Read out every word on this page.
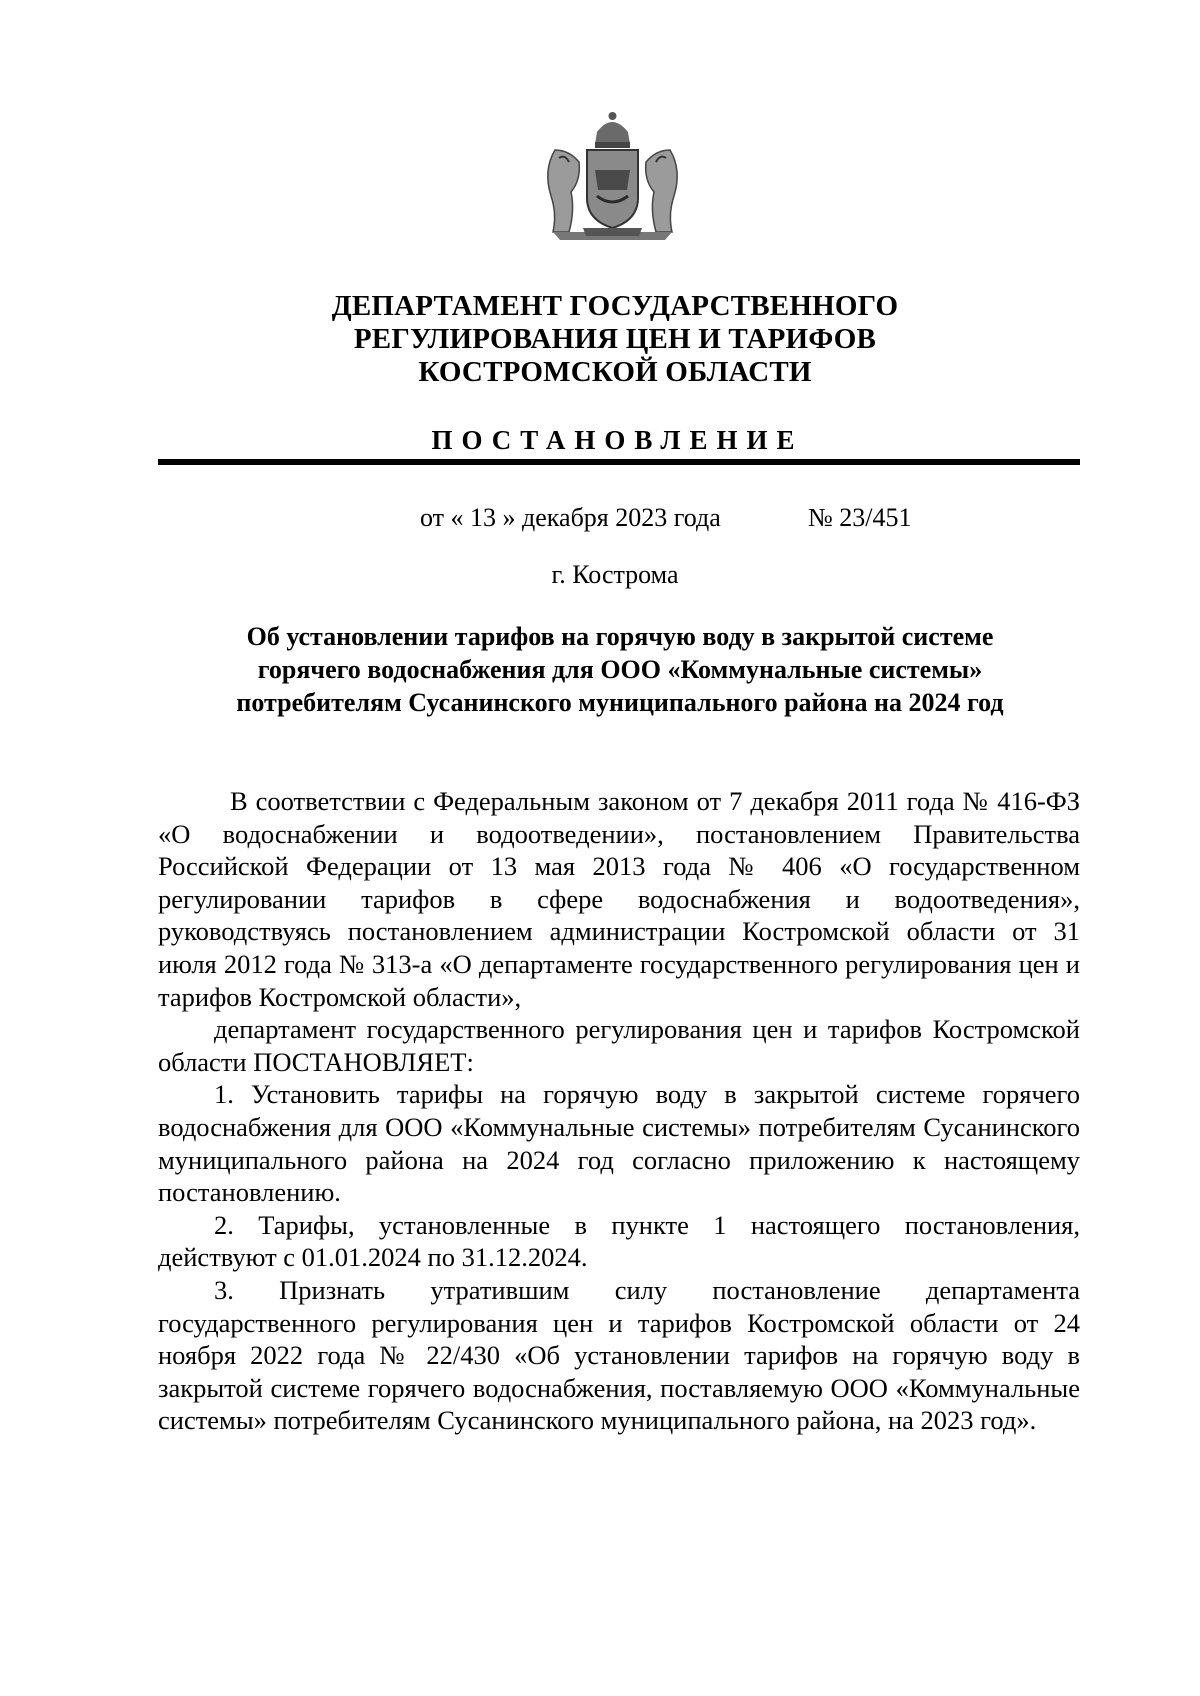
ДЕПАРТАМЕНТ ГОСУДАРСТВЕННОГО
РЕГУЛИРОВАНИЯ ЦЕН И ТАРИФОВ
КОСТРОМСКОЙ ОБЛАСТИ
ПОСТАНОВЛЕНИЕ
от « 13 » декабря 2023 года	№ 23/451
г. Кострома
Об установлении тарифов на горячую воду в закрытой системе
горячего водоснабжения для ООО «Коммунальные системы»
потребителям Сусанинского муниципального района на 2024 год

В соответствии с Федеральным законом от 7 декабря 2011 года № 416-ФЗ «О водоснабжении и водоотведении», постановлением Правительства Российской Федерации от 13 мая 2013 года № 406 «О государственном регулировании тарифов в сфере водоснабжения и водоотведения», руководствуясь постановлением администрации Костромской области от 31 июля 2012 года № 313-а «О департаменте государственного регулирования цен и тарифов Костромской области»,

департамент государственного регулирования цен и тарифов Костромской области ПОСТАНОВЛЯЕТ:

1. Установить тарифы на горячую воду в закрытой системе горячего водоснабжения для ООО «Коммунальные системы» потребителям Сусанинского муниципального района на 2024 год согласно приложению к настоящему постановлению.

2. Тарифы, установленные в пункте 1 настоящего постановления, действуют с 01.01.2024 по 31.12.2024.

3. Признать утратившим силу постановление департамента государственного регулирования цен и тарифов Костромской области от 24 ноября 2022 года № 22/430 «Об установлении тарифов на горячую воду в закрытой системе горячего водоснабжения, поставляемую ООО «Коммунальные системы» потребителям Сусанинского муниципального района, на 2023 год».
